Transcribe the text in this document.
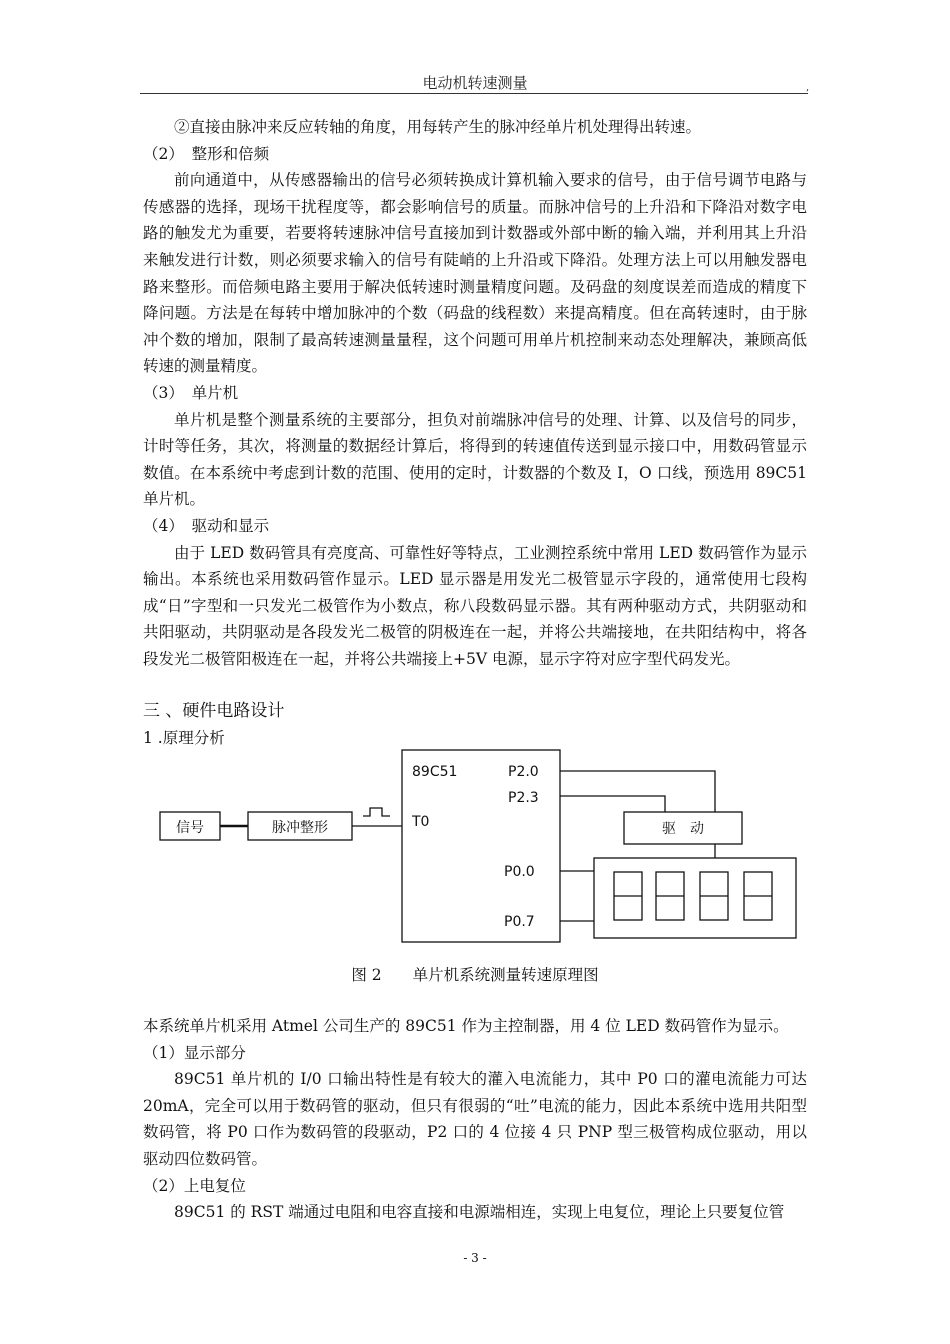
电动机转速测量	,

②直接由脉冲来反应转轴的角度，用每转产生的脉冲经单片机处理得出转速。

（2）　整形和倍频

前向通道中，从传感器输出的信号必须转换成计算机输入要求的信号，由于信号调节电路与传感器的选择，现场干扰程度等，都会影响信号的质量。而脉冲信号的上升沿和下降沿对数字电路的触发尤为重要，若要将转速脉冲信号直接加到计数器或外部中断的输入端，并利用其上升沿来触发进行计数，则必须要求输入的信号有陡峭的上升沿或下降沿。处理方法上可以用触发器电路来整形。而倍频电路主要用于解决低转速时测量精度问题。及码盘的刻度误差而造成的精度下降问题。方法是在每转中增加脉冲的个数（码盘的线程数）来提高精度。但在高转速时，由于脉冲个数的增加，限制了最高转速测量量程，这个问题可用单片机控制来动态处理解决，兼顾高低转速的测量精度。

（3）　单片机

单片机是整个测量系统的主要部分，担负对前端脉冲信号的处理、计算、以及信号的同步，计时等任务，其次，将测量的数据经计算后，将得到的转速值传送到显示接口中，用数码管显示数值。在本系统中考虑到计数的范围、使用的定时，计数器的个数及 I，O 口线，预选用 89C51 单片机。

（4）　驱动和显示

由于 LED 数码管具有亮度高、可靠性好等特点，工业测控系统中常用 LED 数码管作为显示输出。本系统也采用数码管作显示。LED 显示器是用发光二极管显示字段的，通常使用七段构成“日”字型和一只发光二极管作为小数点，称八段数码显示器。其有两种驱动方式，共阴驱动和共阳驱动，共阴驱动是各段发光二极管的阴极连在一起，并将公共端接地，在共阳结构中，将各段发光二极管阳极连在一起，并将公共端接上+5V 电源，显示字符对应字型代码发光。

三 、硬件电路设计

1 .原理分析

信号	脉冲整形
89C51
T0
P2.0
P2.3
P0.0
P0.7
驱　动
图 2　　单片机系统测量转速原理图

本系统单片机采用 Atmel 公司生产的 89C51 作为主控制器，用 4 位 LED 数码管作为显示。

（1）显示部分

89C51 单片机的 I/0 口输出特性是有较大的灌入电流能力，其中 P0 口的灌电流能力可达 20mA，完全可以用于数码管的驱动，但只有很弱的“吐”电流的能力，因此本系统中选用共阳型数码管，将 P0 口作为数码管的段驱动，P2 口的 4 位接 4 只 PNP 型三极管构成位驱动，用以驱动四位数码管。

（2）上电复位

89C51 的 RST 端通过电阻和电容直接和电源端相连，实现上电复位，理论上只要复位管

- 3 -
